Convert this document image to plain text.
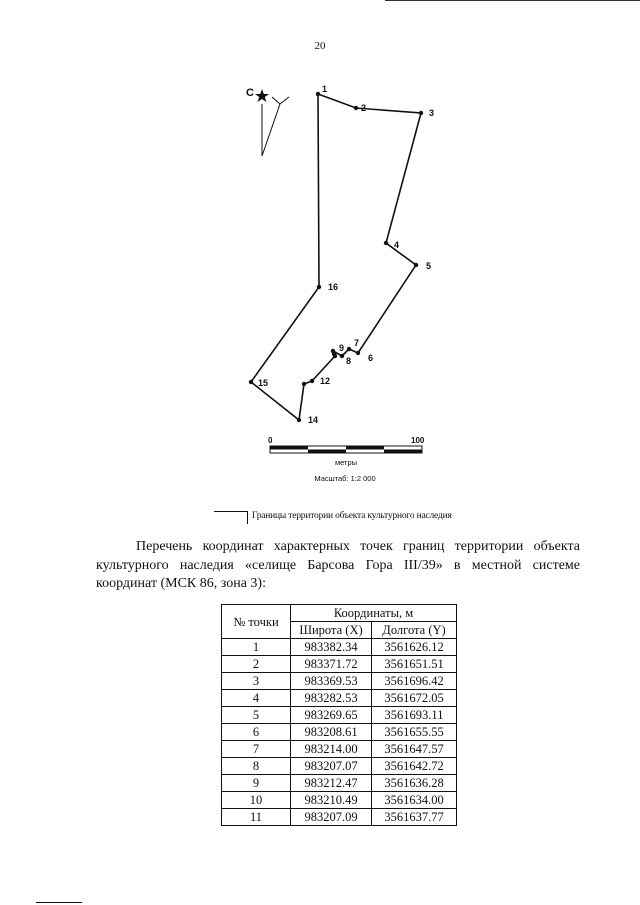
20
С	1
2	3
4
5
6
7
8
9
12
14
15
16
0	100
метры
Масштаб: 1:2 000
Границы территории объекта культурного наследия
Перечень координат характерных точек границ территории объекта культурного наследия «селище Барсова Гора III/39» в местной системе координат (МСК 86, зона 3):
№ точки	Координаты, м	
	Широта (X)	Долгота (Y)
1	983382.34	3561626.12
2	983371.72	3561651.51
3	983369.53	3561696.42
4	983282.53	3561672.05
5	983269.65	3561693.11
6	983208.61	3561655.55
7	983214.00	3561647.57
8	983207.07	3561642.72
9	983212.47	3561636.28
10	983210.49	3561634.00
11	983207.09	3561637.77
